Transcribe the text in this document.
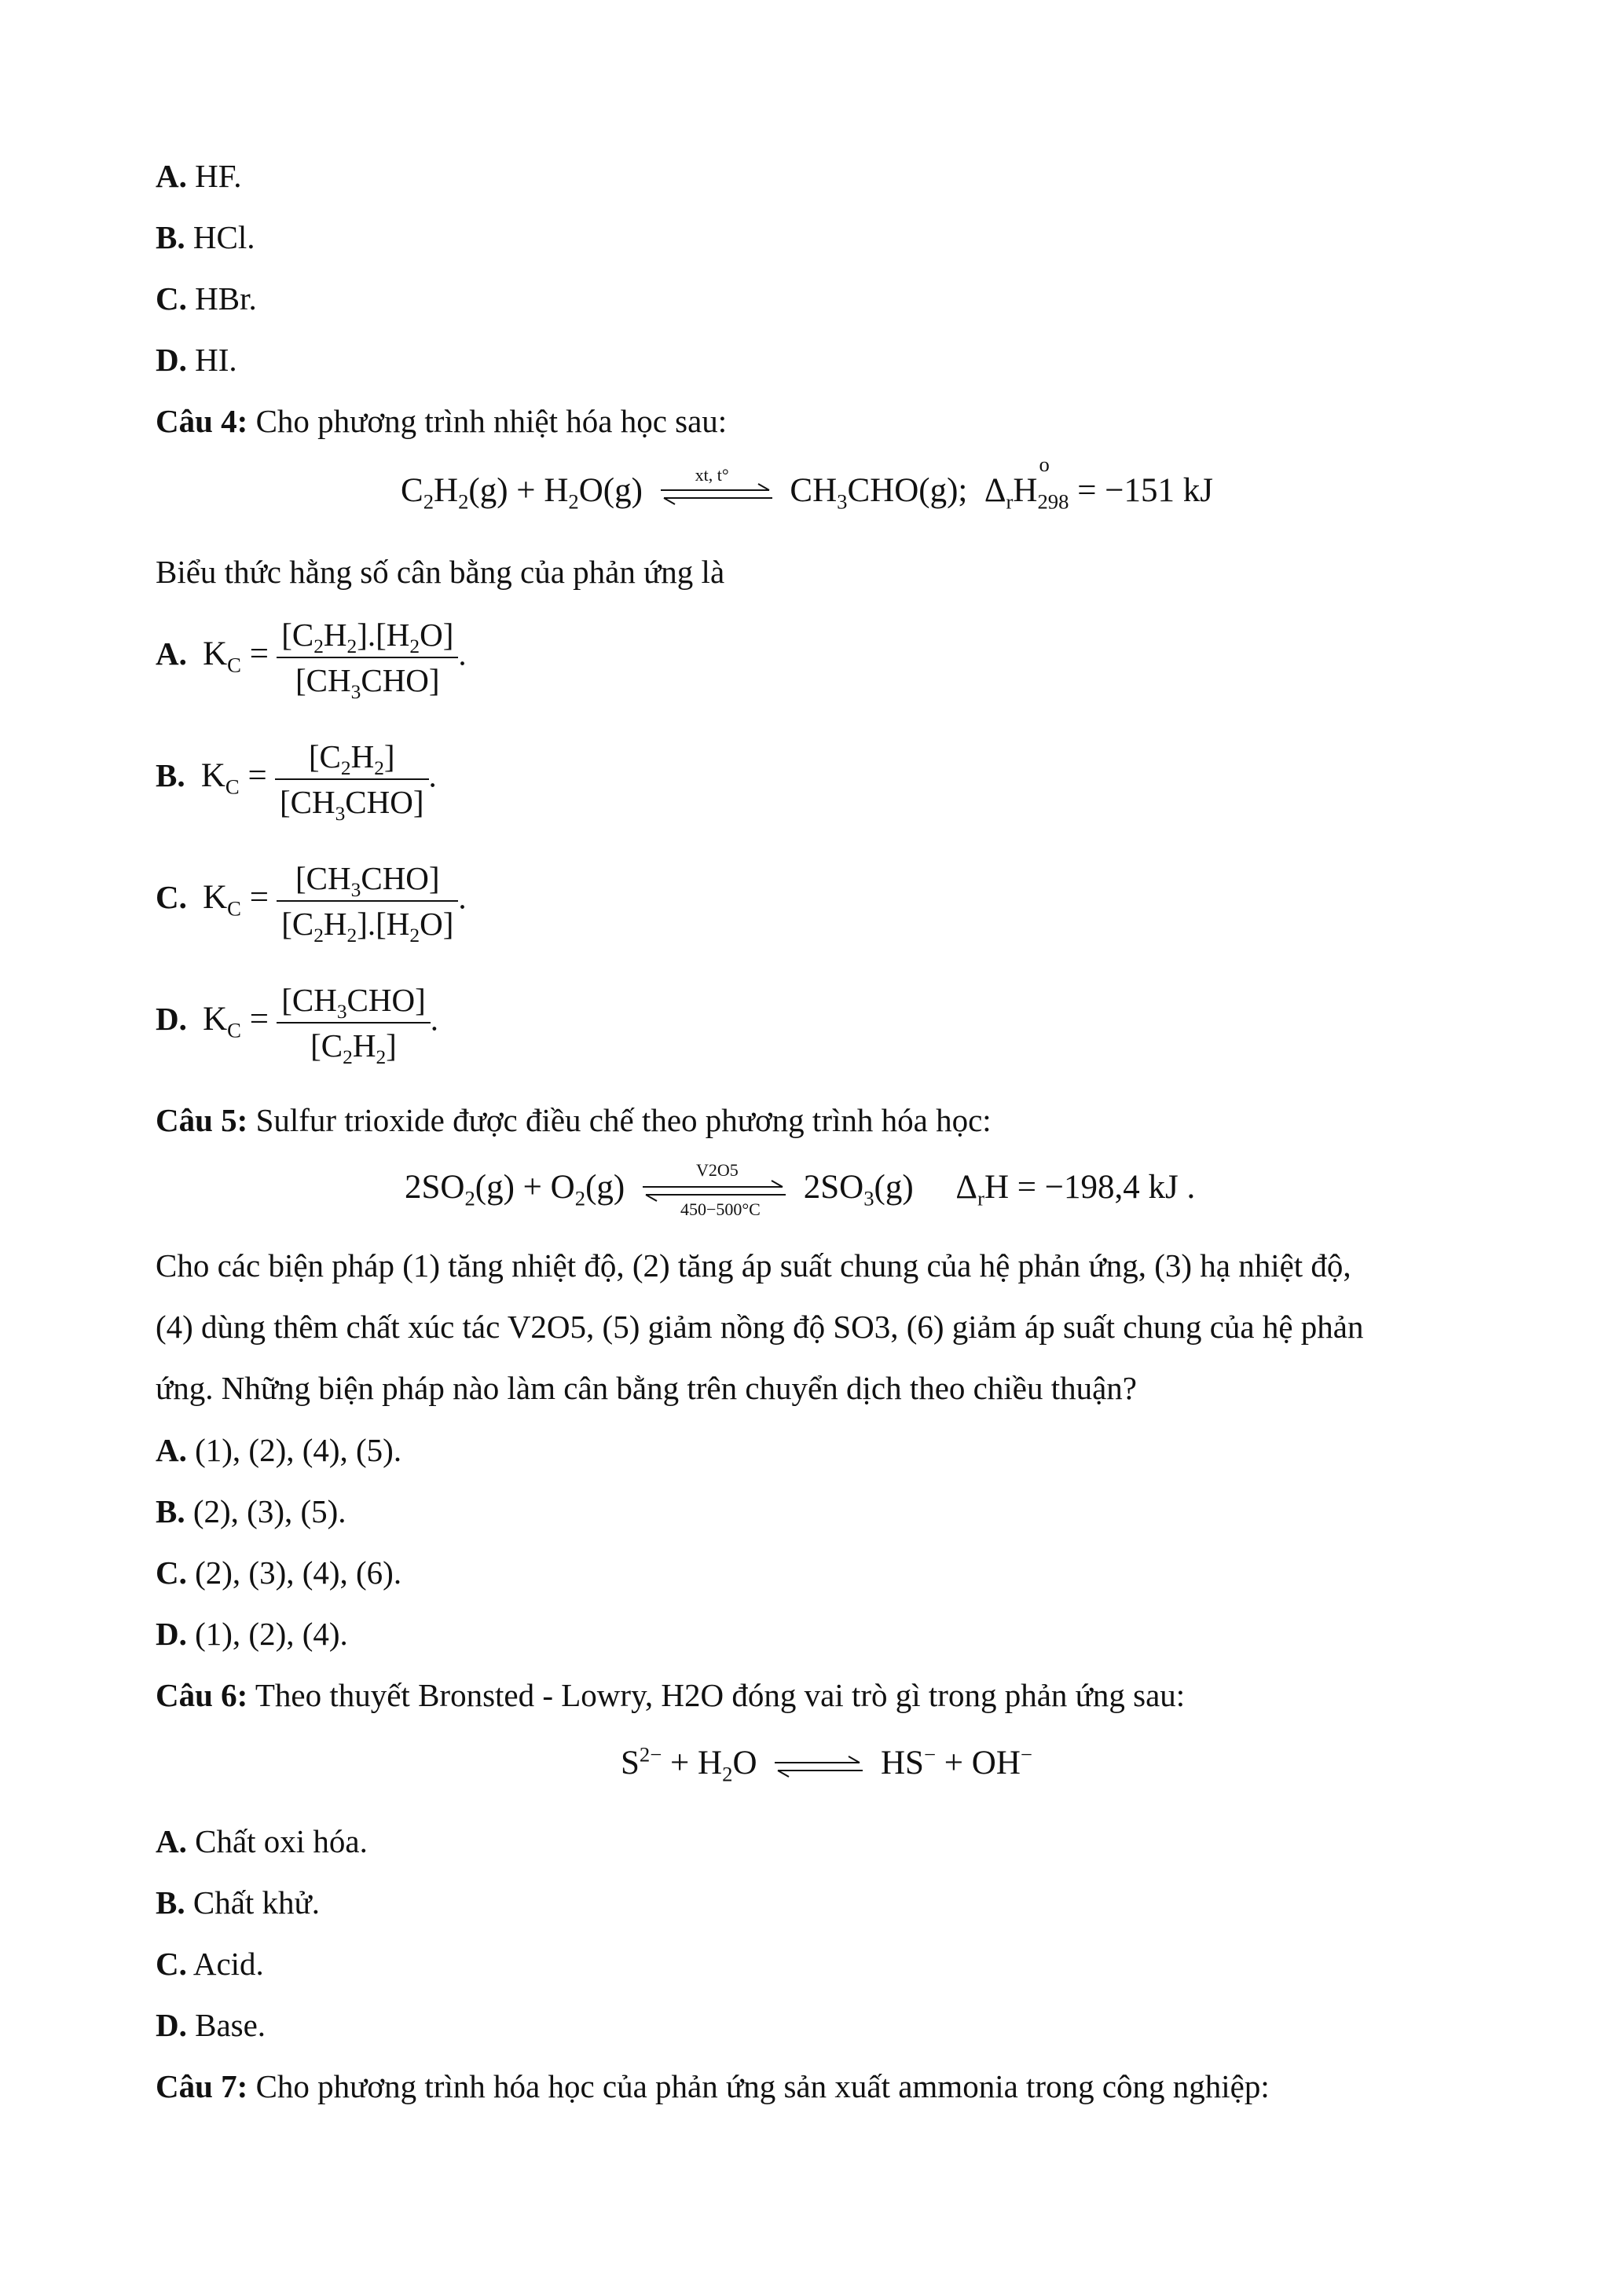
A. HF.
B. HCl.
C. HBr.
D. HI.
Câu 4: Cho phương trình nhiệt hóa học sau:
$C_2H_2(g) + H_2O(g)$	xt, t° $CH_3CHO(g)$;  $\Delta_rH$
o
$_{298}$ = −151 kJ
Biểu thức hằng số cân bằng của phản ứng là
A. $K_C = \frac{[C_2H_2].[H_2O]}{[CH_3CHO]}$ .
B. $K_C = \frac{[C_2H_2]}{[CH_3CHO]}$ .
C. $K_C = \frac{[CH_3CHO]}{[C_2H_2].[H_2O]}$ .
D. $K_C = \frac{[CH_3CHO]}{[C_2H_2]}$ .
Câu 5: Sulfur trioxide được điều chế theo phương trình hóa học:
$2SO_2(g) + O_2(g)$	V2O5
450−500°C
$2SO_3(g)$     $\Delta_rH = -198,4$ kJ .
Cho các biện pháp (1) tăng nhiệt độ, (2) tăng áp suất chung của hệ phản ứng, (3) hạ nhiệt độ,
(4) dùng thêm chất xúc tác V2O5, (5) giảm nồng độ SO3, (6) giảm áp suất chung của hệ phản
ứng. Những biện pháp nào làm cân bằng trên chuyển dịch theo chiều thuận?
A. (1), (2), (4), (5).
B. (2), (3), (5).
C. (2), (3), (4), (6).
D. (1), (2), (4).
Câu 6: Theo thuyết Bronsted - Lowry, H2O đóng vai trò gì trong phản ứng sau:
$S^{2-} + H_2O$ ⇌ HS− + OH−
A. Chất oxi hóa.
B. Chất khử.
C. Acid.
D. Base.
Câu 7: Cho phương trình hóa học của phản ứng sản xuất ammonia trong công nghiệp:
